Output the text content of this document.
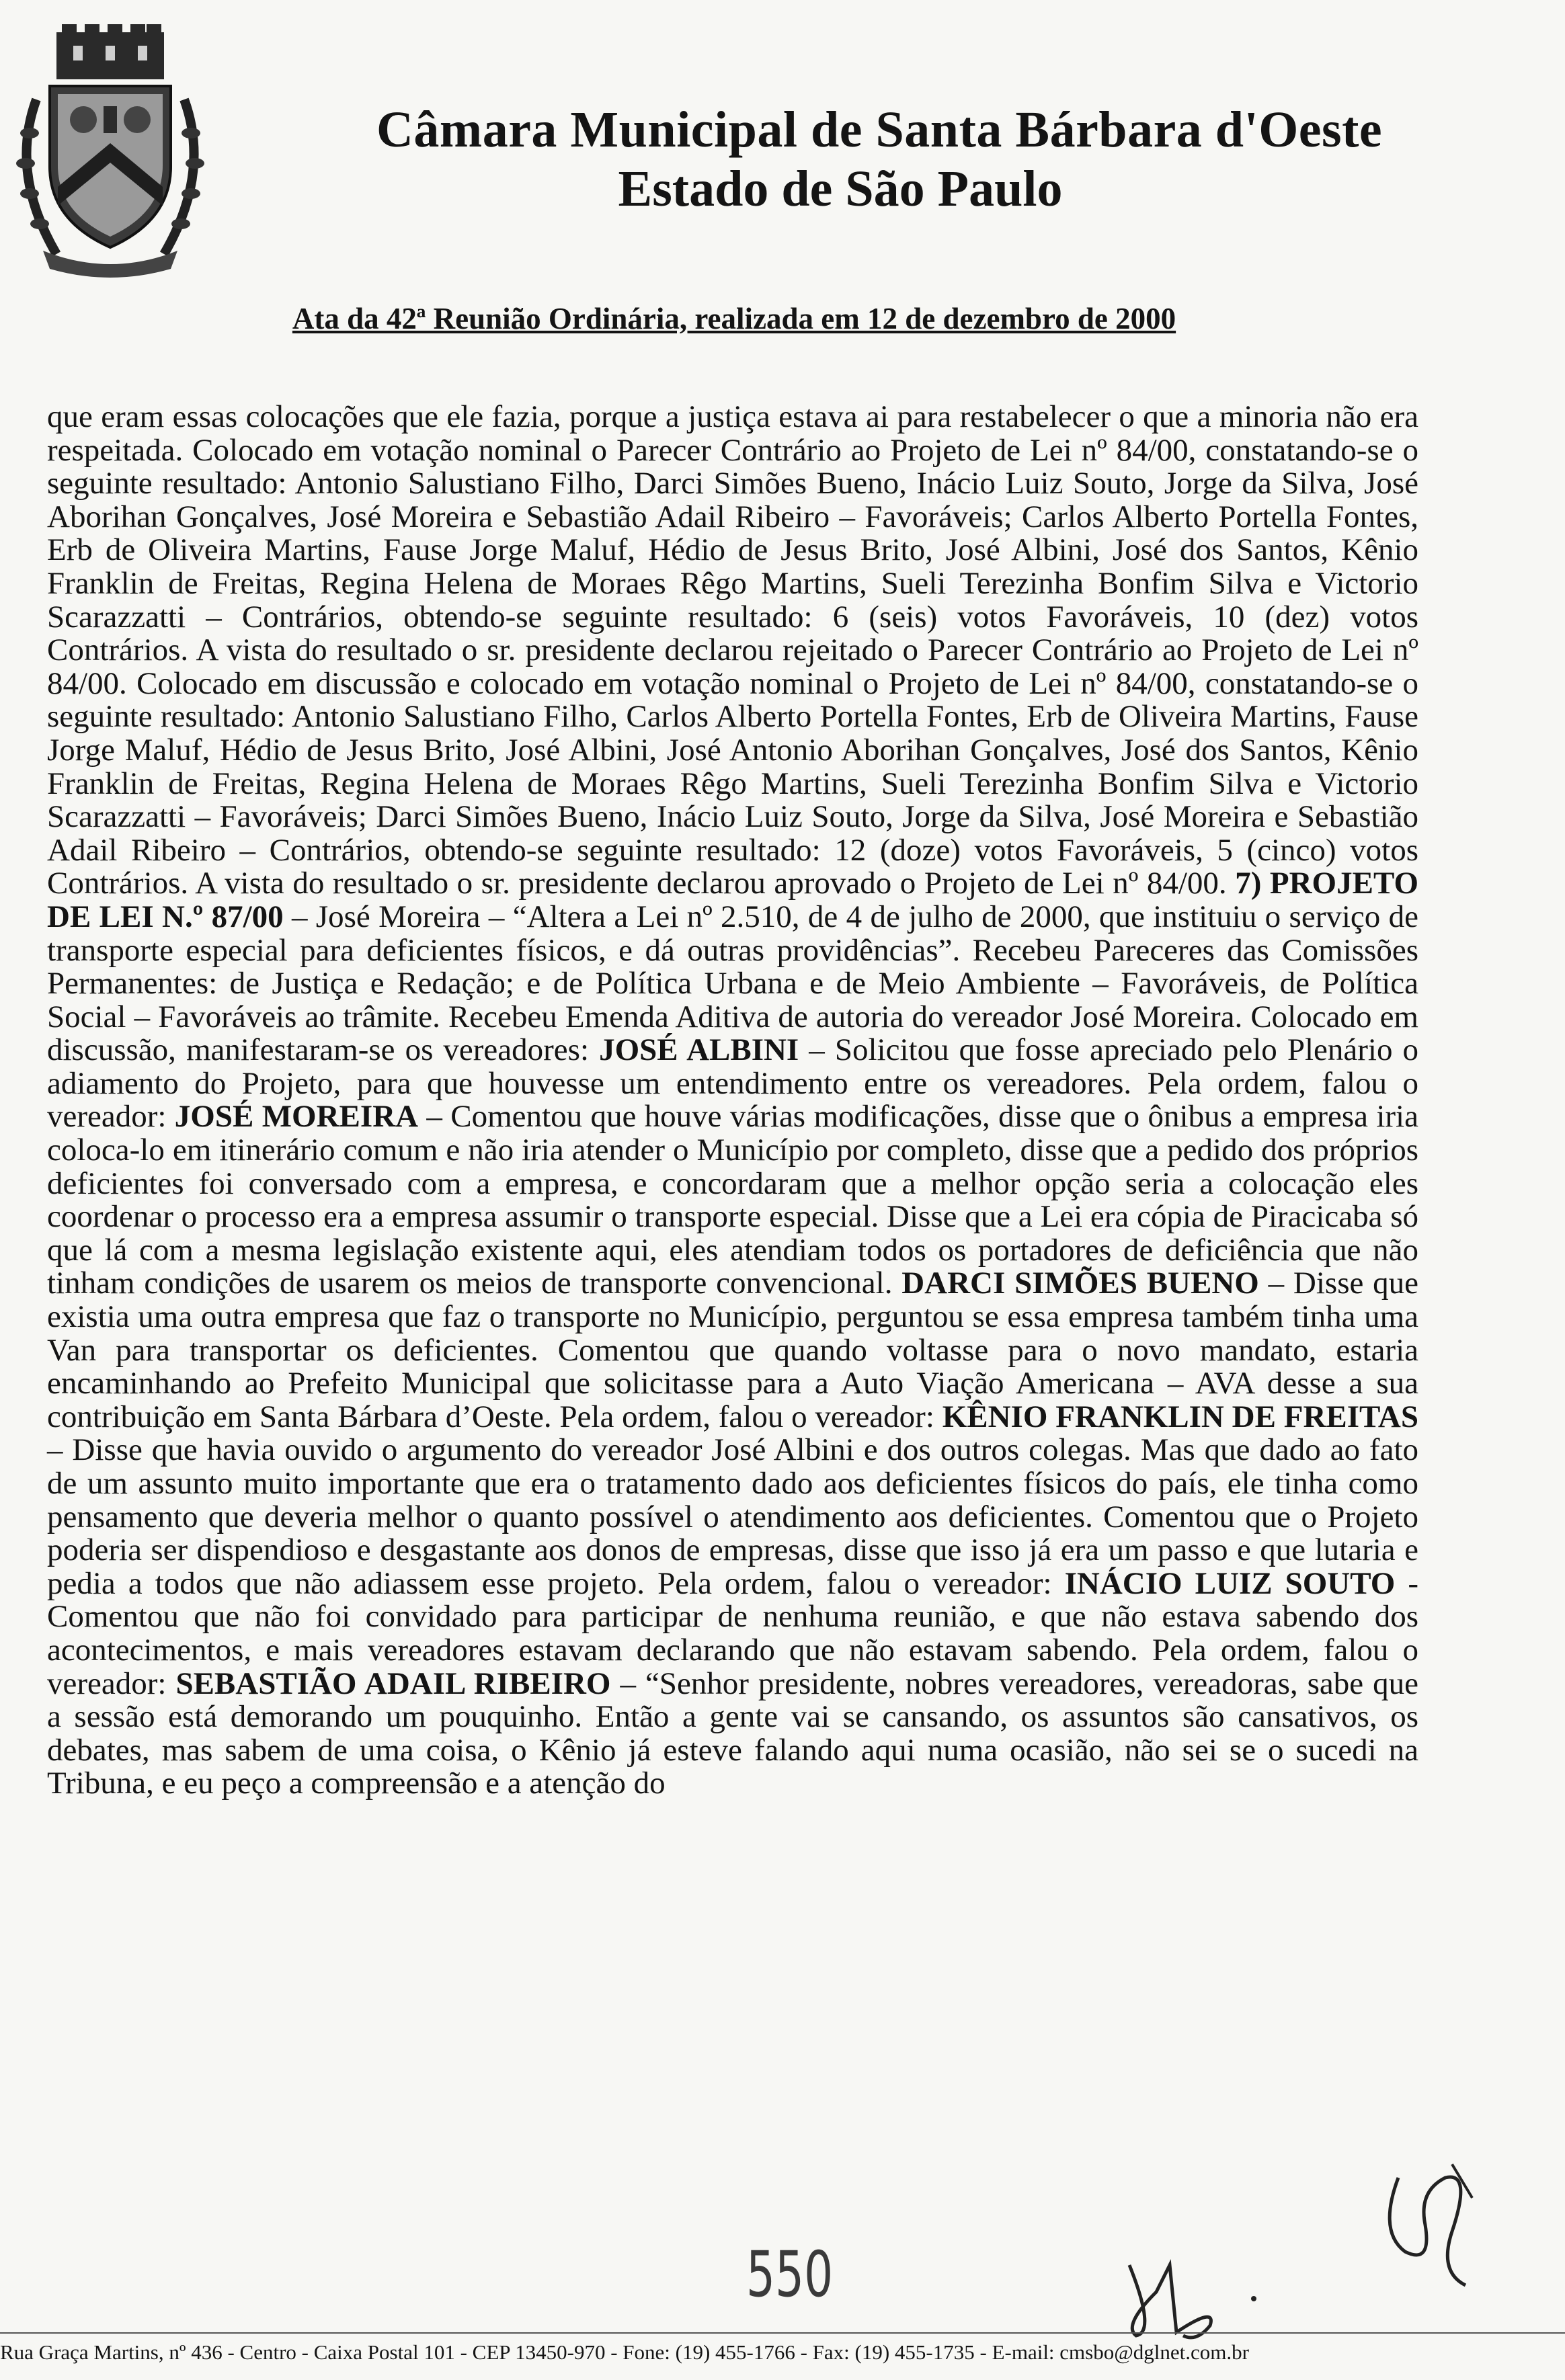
Câmara Municipal de Santa Bárbara d'Oeste
Estado de São Paulo
Ata da 42ª Reunião Ordinária, realizada em 12 de dezembro de 2000

que eram essas colocações que ele fazia, porque a justiça estava ai para restabelecer o que a minoria não era respeitada. Colocado em votação nominal o Parecer Contrário ao Projeto de Lei nº 84/00, constatando-se o seguinte resultado: Antonio Salustiano Filho, Darci Simões Bueno, Inácio Luiz Souto, Jorge da Silva, José Aborihan Gonçalves, José Moreira e Sebastião Adail Ribeiro – Favoráveis; Carlos Alberto Portella Fontes, Erb de Oliveira Martins, Fause Jorge Maluf, Hédio de Jesus Brito, José Albini, José dos Santos, Kênio Franklin de Freitas, Regina Helena de Moraes Rêgo Martins, Sueli Terezinha Bonfim Silva e Victorio Scarazzatti – Contrários, obtendo-se seguinte resultado: 6 (seis) votos Favoráveis, 10 (dez) votos Contrários. A vista do resultado o sr. presidente declarou rejeitado o Parecer Contrário ao Projeto de Lei nº 84/00. Colocado em discussão e colocado em votação nominal o Projeto de Lei nº 84/00, constatando-se o seguinte resultado: Antonio Salustiano Filho, Carlos Alberto Portella Fontes, Erb de Oliveira Martins, Fause Jorge Maluf, Hédio de Jesus Brito, José Albini, José Antonio Aborihan Gonçalves, José dos Santos, Kênio Franklin de Freitas, Regina Helena de Moraes Rêgo Martins, Sueli Terezinha Bonfim Silva e Victorio Scarazzatti – Favoráveis; Darci Simões Bueno, Inácio Luiz Souto, Jorge da Silva, José Moreira e Sebastião Adail Ribeiro – Contrários, obtendo-se seguinte resultado: 12 (doze) votos Favoráveis, 5 (cinco) votos Contrários. A vista do resultado o sr. presidente declarou aprovado o Projeto de Lei nº 84/00. 7) PROJETO DE LEI N.º 87/00 – José Moreira – “Altera a Lei nº 2.510, de 4 de julho de 2000, que instituiu o serviço de transporte especial para deficientes físicos, e dá outras providências”. Recebeu Pareceres das Comissões Permanentes: de Justiça e Redação; e de Política Urbana e de Meio Ambiente – Favoráveis, de Política Social – Favoráveis ao trâmite. Recebeu Emenda Aditiva de autoria do vereador José Moreira. Colocado em discussão, manifestaram-se os vereadores: JOSÉ ALBINI – Solicitou que fosse apreciado pelo Plenário o adiamento do Projeto, para que houvesse um entendimento entre os vereadores. Pela ordem, falou o vereador: JOSÉ MOREIRA – Comentou que houve várias modificações, disse que o ônibus a empresa iria coloca-lo em itinerário comum e não iria atender o Município por completo, disse que a pedido dos próprios deficientes foi conversado com a empresa, e concordaram que a melhor opção seria a colocação eles coordenar o processo era a empresa assumir o transporte especial. Disse que a Lei era cópia de Piracicaba só que lá com a mesma legislação existente aqui, eles atendiam todos os portadores de deficiência que não tinham condições de usarem os meios de transporte convencional. DARCI SIMÕES BUENO – Disse que existia uma outra empresa que faz o transporte no Município, perguntou se essa empresa também tinha uma Van para transportar os deficientes. Comentou que quando voltasse para o novo mandato, estaria encaminhando ao Prefeito Municipal que solicitasse para a Auto Viação Americana – AVA desse a sua contribuição em Santa Bárbara d’Oeste. Pela ordem, falou o vereador: KÊNIO FRANKLIN DE FREITAS – Disse que havia ouvido o argumento do vereador José Albini e dos outros colegas. Mas que dado ao fato de um assunto muito importante que era o tratamento dado aos deficientes físicos do país, ele tinha como pensamento que deveria melhor o quanto possível o atendimento aos deficientes. Comentou que o Projeto poderia ser dispendioso e desgastante aos donos de empresas, disse que isso já era um passo e que lutaria e pedia a todos que não adiassem esse projeto. Pela ordem, falou o vereador: INÁCIO LUIZ SOUTO - Comentou que não foi convidado para participar de nenhuma reunião, e que não estava sabendo dos acontecimentos, e mais vereadores estavam declarando que não estavam sabendo. Pela ordem, falou o vereador: SEBASTIÃO ADAIL RIBEIRO – “Senhor presidente, nobres vereadores, vereadoras, sabe que a sessão está demorando um pouquinho. Então a gente vai se cansando, os assuntos são cansativos, os debates, mas sabem de uma coisa, o Kênio já esteve falando aqui numa ocasião, não sei se o sucedi na Tribuna, e eu peço a compreensão e a atenção do

550
Rua Graça Martins, nº 436 - Centro - Caixa Postal 101 - CEP 13450-970 - Fone: (19) 455-1766 - Fax: (19) 455-1735 - E-mail: cmsbo@dglnet.com.br
